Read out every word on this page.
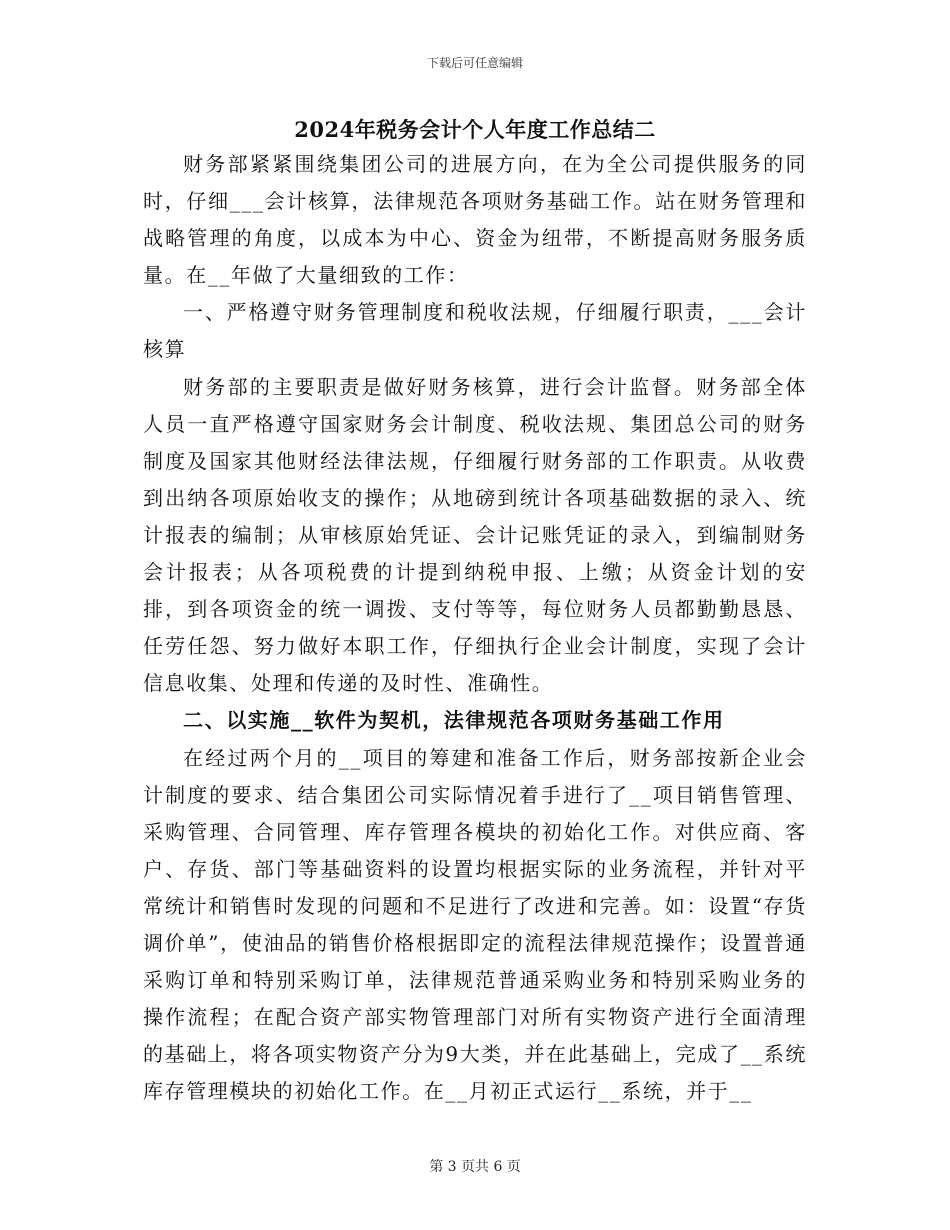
下载后可任意编辑
2024年税务会计个人年度工作总结二

财务部紧紧围绕集团公司的进展方向，在为全公司提供服务的同时，仔细___会计核算，法律规范各项财务基础工作。站在财务管理和战略管理的角度，以成本为中心、资金为纽带，不断提高财务服务质量。在__年做了大量细致的工作：

一、严格遵守财务管理制度和税收法规，仔细履行职责，___会计核算

财务部的主要职责是做好财务核算，进行会计监督。财务部全体人员一直严格遵守国家财务会计制度、税收法规、集团总公司的财务制度及国家其他财经法律法规，仔细履行财务部的工作职责。从收费到出纳各项原始收支的操作；从地磅到统计各项基础数据的录入、统计报表的编制；从审核原始凭证、会计记账凭证的录入，到编制财务会计报表；从各项税费的计提到纳税申报、上缴；从资金计划的安排，到各项资金的统一调拨、支付等等，每位财务人员都勤勤恳恳、任劳任怨、努力做好本职工作，仔细执行企业会计制度，实现了会计信息收集、处理和传递的及时性、准确性。

二、以实施__软件为契机，法律规范各项财务基础工作用

在经过两个月的__项目的筹建和准备工作后，财务部按新企业会计制度的要求、结合集团公司实际情况着手进行了__项目销售管理、采购管理、合同管理、库存管理各模块的初始化工作。对供应商、客户、存货、部门等基础资料的设置均根据实际的业务流程，并针对平常统计和销售时发现的问题和不足进行了改进和完善。如：设置“存货调价单”，使油品的销售价格根据即定的流程法律规范操作；设置普通采购订单和特别采购订单，法律规范普通采购业务和特别采购业务的操作流程；在配合资产部实物管理部门对所有实物资产进行全面清理的基础上，将各项实物资产分为9大类，并在此基础上，完成了__系统库存管理模块的初始化工作。在__月初正式运行__系统，并于__

第 3 页共 6 页
